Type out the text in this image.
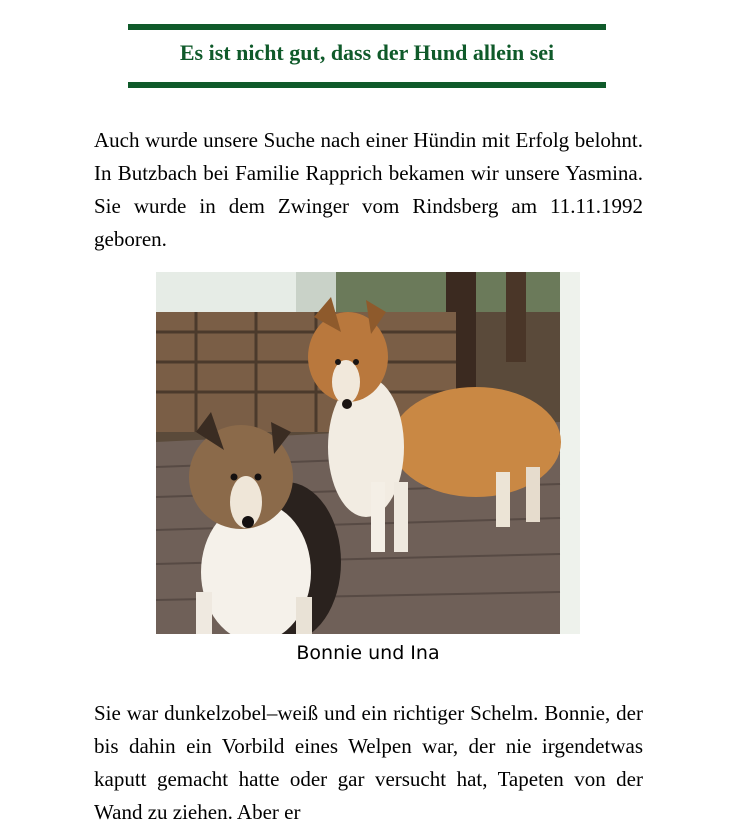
Es ist nicht gut, dass der Hund allein sei

Auch wurde unsere Suche nach einer Hündin mit Erfolg belohnt. In Butzbach bei Familie Rapprich bekamen wir unsere Yasmina. Sie wurde in dem Zwinger vom Rindsberg am 11.11.1992 geboren.

Bonnie und Ina

Sie war dunkelzobel–weiß und ein richtiger Schelm. Bonnie, der bis dahin ein Vorbild eines Welpen war, der nie irgendetwas kaputt gemacht hatte oder gar versucht hat, Tapeten von der Wand zu ziehen. Aber er
